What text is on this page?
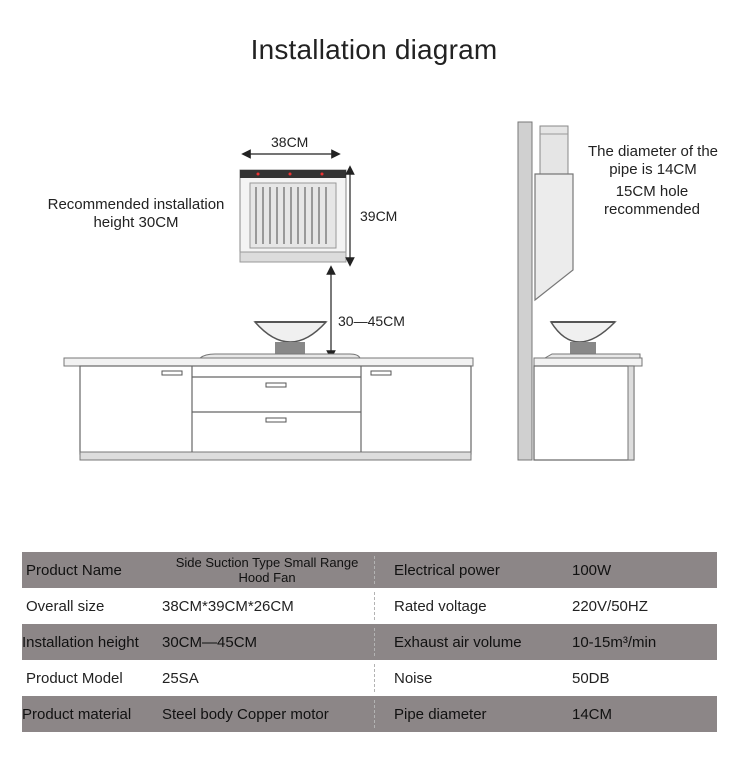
Installation diagram
38CM
39CM
30—45CM
Recommended installation height 30CM
The diameter of the pipe is 14CM
15CM hole recommended
Product Name	Side Suction Type Small Range Hood Fan	Electrical power	100W
Overall size	38CM*39CM*26CM	Rated voltage	220V/50HZ
Installation height	30CM—45CM	Exhaust air volume	10-15m³/min
Product Model	25SA	Noise	50DB
Product material	Steel body Copper motor	Pipe diameter	14CM
